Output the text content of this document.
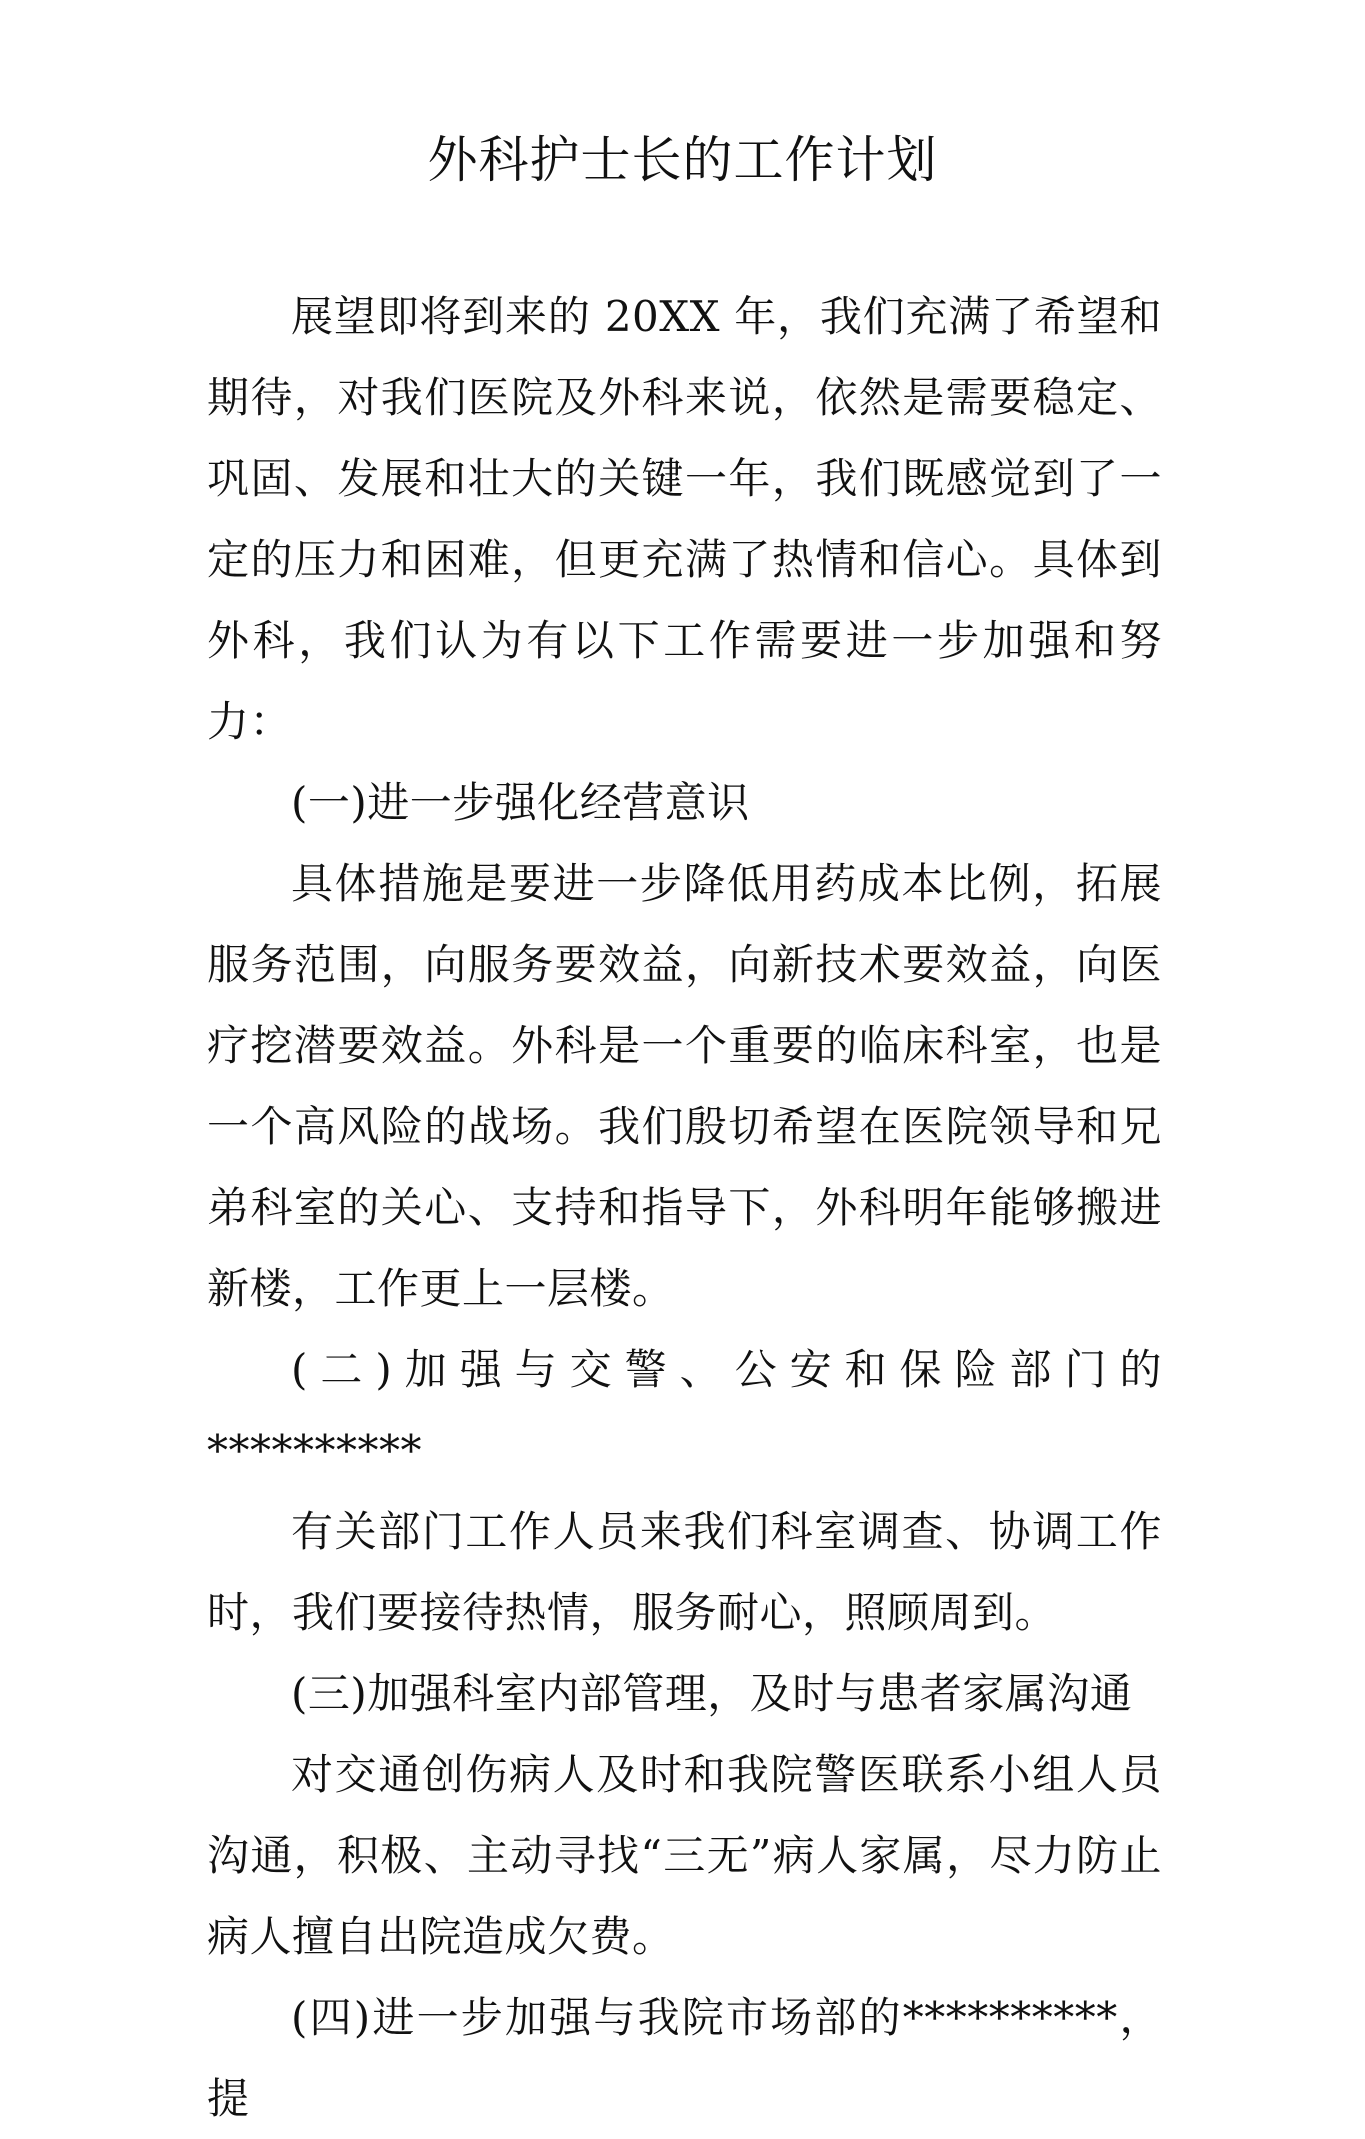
外科护士长的工作计划

展望即将到来的 20XX 年，我们充满了希望和期待，对我们医院及外科来说，依然是需要稳定、巩固、发展和壮大的关键一年，我们既感觉到了一定的压力和困难，但更充满了热情和信心。具体到外科，我们认为有以下工作需要进一步加强和努力：

(一)进一步强化经营意识

具体措施是要进一步降低用药成本比例，拓展服务范围，向服务要效益，向新技术要效益，向医疗挖潜要效益。外科是一个重要的临床科室，也是一个高风险的战场。我们殷切希望在医院领导和兄弟科室的关心、支持和指导下，外科明年能够搬进新楼，工作更上一层楼。

(二)加强与交警、公安和保险部门的**********

有关部门工作人员来我们科室调查、协调工作时，我们要接待热情，服务耐心，照顾周到。

(三)加强科室内部管理，及时与患者家属沟通

对交通创伤病人及时和我院警医联系小组人员沟通，积极、主动寻找“三无”病人家属，尽力防止病人擅自出院造成欠费。

(四)进一步加强与我院市场部的**********，提
